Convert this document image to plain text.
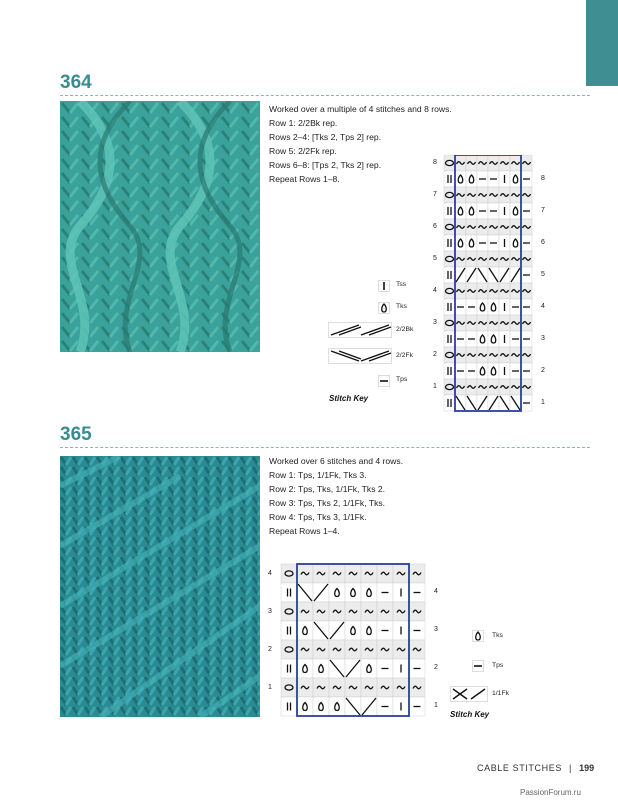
364
Worked over a multiple of 4 stitches and 8 rows.
Row 1: 2/2Bk rep.
Rows 2–4: [Tks 2, Tps 2] rep.
Row 5: 2/2Fk rep.
Rows 6–8: [Tps 2, Tks 2] rep.
Repeat Rows 1–8.
Tss
Tks
2/2Bk
2/2Fk
Tps
Stitch Key
8
7
6
5
4
3
2
1
8
7
6
5
4
3
2
1
365
Worked over 6 stitches and 4 rows.
Row 1: Tps, 1/1Fk, Tks 3.
Row 2: Tps, Tks, 1/1Fk, Tks 2.
Row 3: Tps, Tks 2, 1/1Fk, Tks.
Row 4: Tps, Tks 3, 1/1Fk.
Repeat Rows 1–4.
4
3
2
1
4
3
2
1
Tks
Tps
1/1Fk
Stitch Key
CABLE STITCHES | 199
PassionForum.ru
